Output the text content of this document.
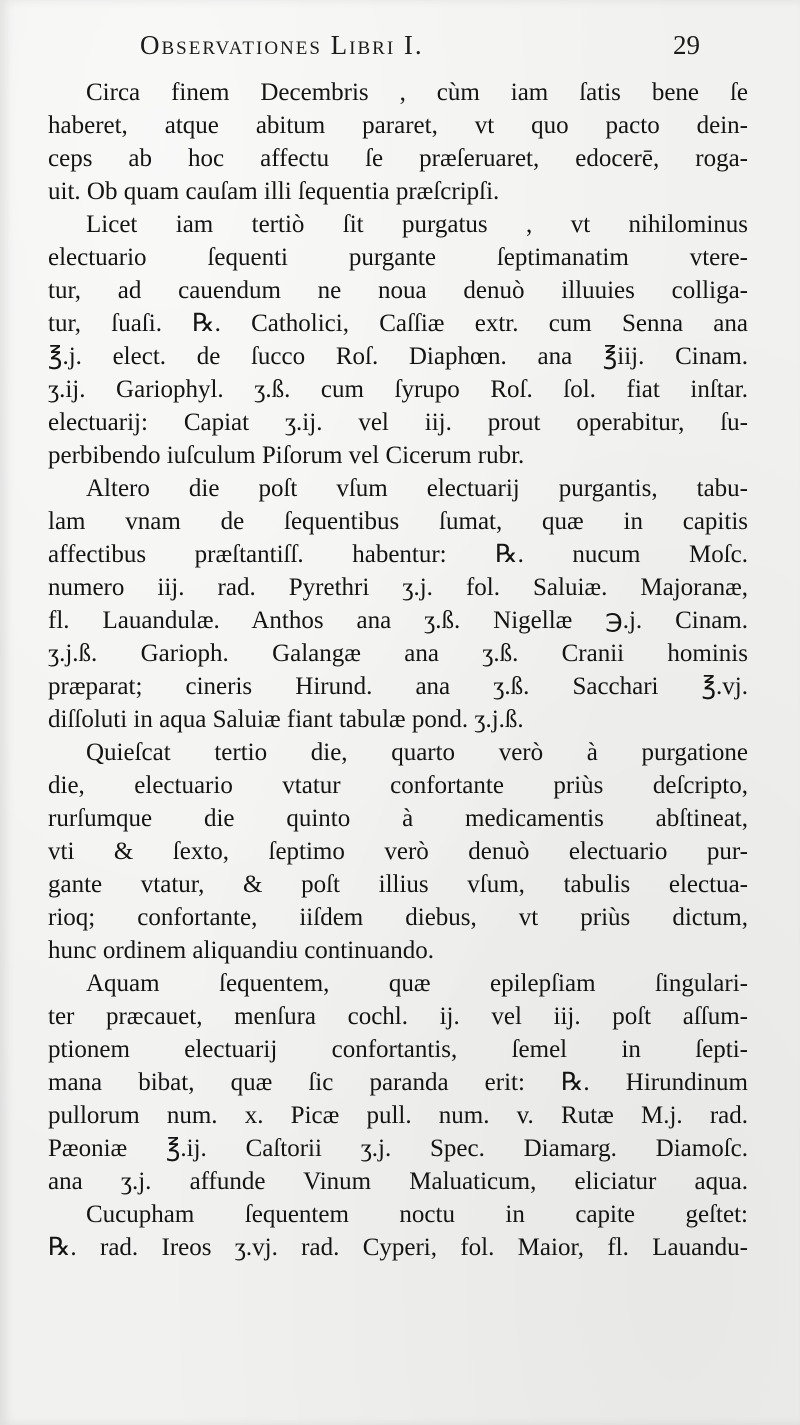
Observationes Libri I.	29
Circa finem Decembris , cùm iam ſatis bene ſe
haberet, atque abitum pararet, vt quo pacto dein-
ceps ab hoc affectu ſe præſeruaret, edocerē, roga-
uit. Ob quam cauſam illi ſequentia præſcripſi.
Licet iam tertiò ſit purgatus , vt nihilominus
electuario ſequenti purgante ſeptimanatim vtere-
tur, ad cauendum ne noua denuò illuuies colliga-
tur, ſuaſi. ℞. Catholici, Caſſiæ extr. cum Senna ana
℥.j. elect. de ſucco Roſ. Diaphœn. ana ℥iij. Cinam.
ʒ.ij. Gariophyl. ʒ.ß. cum ſyrupo Roſ. ſol. fiat inſtar.
electuarij: Capiat ʒ.ij. vel iij. prout operabitur, ſu-
perbibendo iuſculum Piſorum vel Cicerum rubr.
Altero die poſt vſum electuarij purgantis, tabu-
lam vnam de ſequentibus ſumat, quæ in capitis
affectibus præſtantiſſ. habentur: ℞. nucum Moſc.
numero iij. rad. Pyrethri ʒ.j. fol. Saluiæ. Majoranæ,
fl. Lauandulæ. Anthos ana ʒ.ß. Nigellæ ℈.j. Cinam.
ʒ.j.ß. Garioph. Galangæ ana ʒ.ß. Cranii hominis
præparat; cineris Hirund. ana ʒ.ß. Sacchari ℥.vj.
diſſoluti in aqua Saluiæ fiant tabulæ pond. ʒ.j.ß.
Quieſcat tertio die, quarto verò à purgatione
die, electuario vtatur confortante priùs deſcripto,
rurſumque die quinto à medicamentis abſtineat,
vti & ſexto, ſeptimo verò denuò electuario pur-
gante vtatur, & poſt illius vſum, tabulis electua-
rioq; confortante, iiſdem diebus, vt priùs dictum,
hunc ordinem aliquandiu continuando.
Aquam ſequentem, quæ epilepſiam ſingulari-
ter præcauet, menſura cochl. ij. vel iij. poſt aſſum-
ptionem electuarij confortantis, ſemel in ſepti-
mana bibat, quæ ſic paranda erit: ℞. Hirundinum
pullorum num. x. Picæ pull. num. v. Rutæ M.j. rad.
Pæoniæ ℥.ij. Caſtorii ʒ.j. Spec. Diamarg. Diamoſc.
ana ʒ.j. affunde Vinum Maluaticum, eliciatur aqua.
Cucupham ſequentem noctu in capite geſtet:
℞. rad. Ireos ʒ.vj. rad. Cyperi, fol. Maior, fl. Lauandu-
